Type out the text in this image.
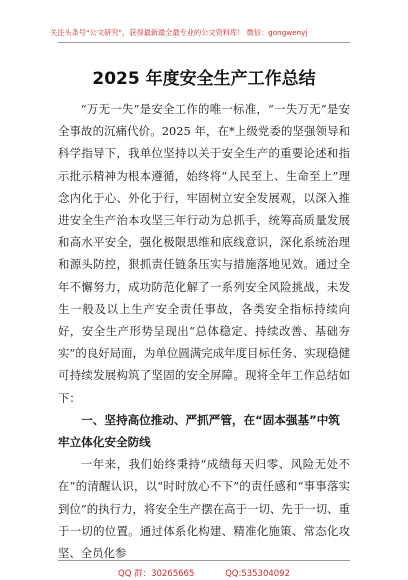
关注头条号“公文研究”，获得最新最全最专业的公文资料库！ 微信：gongwenyj
2025 年度安全生产工作总结

“万无一失”是安全工作的唯一标准，“一失万无”是安全事故的沉痛代价。2025 年，在*上级党委的坚强领导和科学指导下，我单位坚持以关于安全生产的重要论述和指示批示精神为根本遵循，始终将“人民至上、生命至上”理念内化于心、外化于行，牢固树立安全发展观，以深入推进安全生产治本攻坚三年行动为总抓手，统筹高质量发展和高水平安全，强化极限思维和底线意识，深化系统治理和源头防控，狠抓责任链条压实与措施落地见效。通过全年不懈努力，成功防范化解了一系列安全风险挑战，未发生一般及以上生产安全责任事故，各类安全指标持续向好，安全生产形势呈现出“总体稳定、持续改善、基础夯实”的良好局面，为单位圆满完成年度目标任务、实现稳健可持续发展构筑了坚固的安全屏障。现将全年工作总结如下：

一、坚持高位推动、严抓严管，在“固本强基”中筑牢立体化安全防线

一年来，我们始终秉持“成绩每天归零、风险无处不在”的清醒认识，以“时时放心不下”的责任感和“事事落实到位”的执行力，将安全生产摆在高于一切、先于一切、重于一切的位置。通过体系化构建、精准化施策、常态化攻坚、全员化参

QQ 群：30265665	QQ:535304092
